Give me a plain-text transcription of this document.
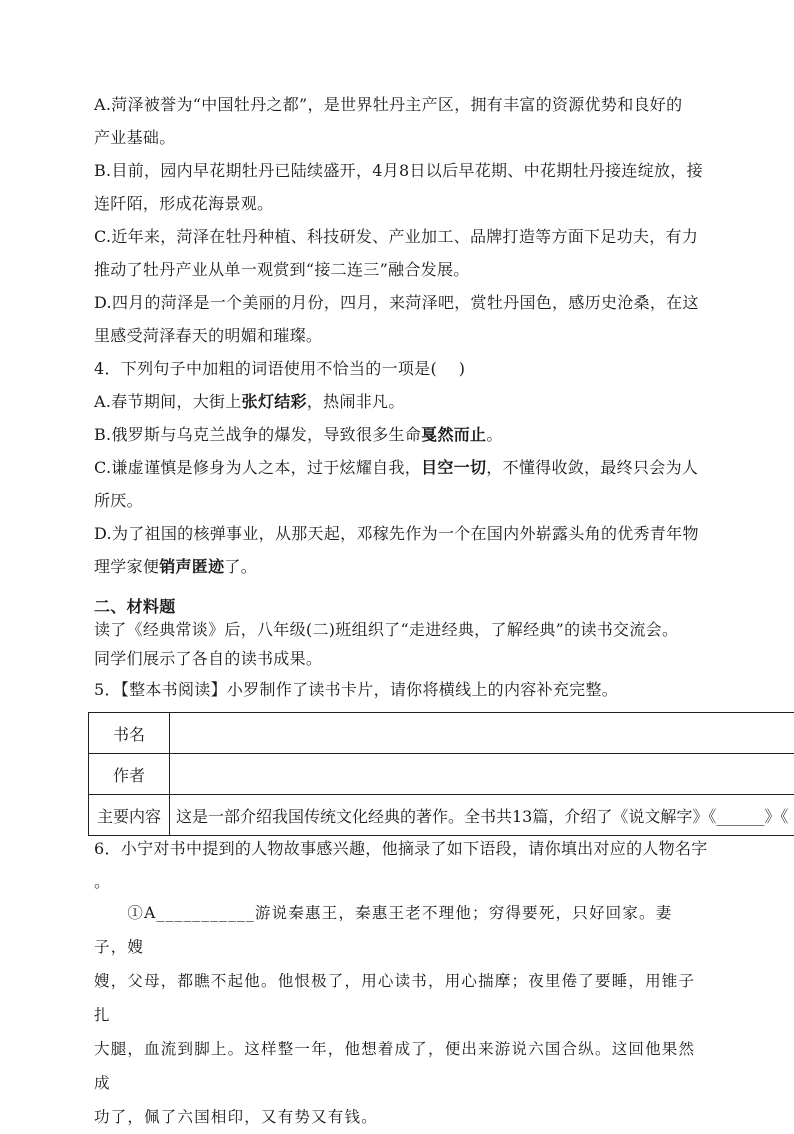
A.菏泽被誉为“中国牡丹之都”，是世界牡丹主产区，拥有丰富的资源优势和良好的
产业基础。
B.目前，园内早花期牡丹已陆续盛开，4月8日以后早花期、中花期牡丹接连绽放，接
连阡陌，形成花海景观。
C.近年来，菏泽在牡丹种植、科技研发、产业加工、品牌打造等方面下足功夫，有力
推动了牡丹产业从单一观赏到“接二连三”融合发展。
D.四月的菏泽是一个美丽的月份，四月，来菏泽吧，赏牡丹国色，感历史沧桑，在这
里感受菏泽春天的明媚和璀璨。
4．下列句子中加粗的词语使用不恰当的一项是(　 )
A.春节期间，大街上张灯结彩，热闹非凡。
B.俄罗斯与乌克兰战争的爆发，导致很多生命戛然而止。
C.谦虚谨慎是修身为人之本，过于炫耀自我，目空一切，不懂得收敛，最终只会为人
所厌。
D.为了祖国的核弹事业，从那天起，邓稼先作为一个在国内外崭露头角的优秀青年物
理学家便销声匿迹了。
二、材料题
读了《经典常谈》后，八年级(二)班组织了“走进经典，了解经典”的读书交流会。
同学们展示了各自的读书成果。
5．【整本书阅读】小罗制作了读书卡片，请你将横线上的内容补充完整。
书名	
作者	
主要内容	这是一部介绍我国传统文化经典的著作。全书共13篇，介绍了《说文解字》《______》《
6．小宁对书中提到的人物故事感兴趣，他摘录了如下语段，请你填出对应的人物名字
。
　　①A___________游说秦惠王，秦惠王老不理他；穷得要死，只好回家。妻子，嫂
嫂，父母，都瞧不起他。他恨极了，用心读书，用心揣摩；夜里倦了要睡，用锥子扎
大腿，血流到脚上。这样整一年，他想着成了，便出来游说六国合纵。这回他果然成
功了，佩了六国相印，又有势又有钱。
